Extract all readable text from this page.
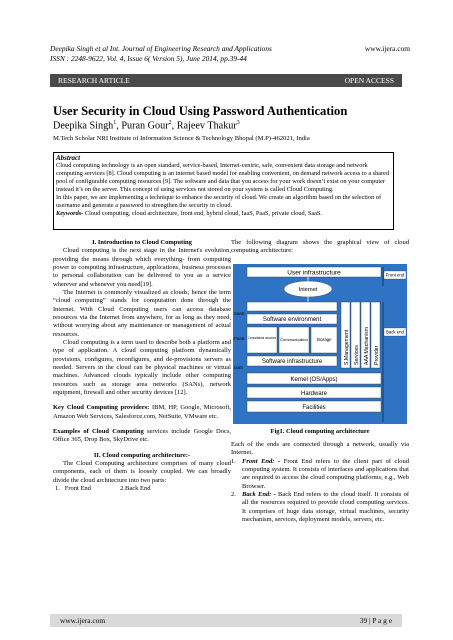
Deepika Singh et al Int. Journal of Engineering Research and Applications
ISSN : 2248-9622, Vol. 4, Issue 6( Version 5), June 2014, pp.39-44
www.ijera.com
RESEARCH ARTICLE	OPEN ACCESS
User Security in Cloud Using Password Authentication
Deepika Singh$^1$, Puran Gour$^2$, Rajeev Thakur$^3$
M.Tech Scholar NRI Institute of Information Science & Technology Bhopal (M.P)-462021, India
Abstract

Cloud computing technology is an open standard, service-based, Internet-centric, safe, convenient data storage and network computing services [8]. Cloud computing is an internet based model for enabling convenient, on demand network access to a shared pool of configurable computing resources [9]. The software and data that you access for your work doesn’t exist on your computer instead it’s on the server. This concept of using services not stored on your system is called Cloud Computing.

In this paper, we are implementing a technique to enhance the security of cloud. We create an algorithm based on the selection of username and generate a password to strengthen the security in cloud.

Keywords- Cloud computing, cloud architecture, front end, hybrid cloud, IaaS, PaaS, private cloud, SaaS.

I. Introduction to Cloud Computing

Cloud computing is the next stage in the Internet's evolution, providing the means through which everything- from computing power to computing infrastructure, applications, business processes to personal collaboration can be delivered to you as a service wherever and whenever you need[19].

The Internet is commonly visualized as clouds; hence the term “cloud computing” stands for computation done through the Internet. With Cloud Computing users can access database resources via the Internet from anywhere, for as long as they need, without worrying about any maintenance or management of actual resources.

Cloud computing is a term used to describe both a platform and type of application. A cloud computing platform dynamically provisions, configures, reconfigures, and de-provisions servers as needed. Servers in the cloud can be physical machines or virtual machines. Advanced clouds typically include other computing resources such as storage area networks (SANs), network equipment, firewall and other security devices [12].

Key Cloud Computing providers: IBM, HP, Google, Microsoft, Amazon Web Services, Salesforce.com, NetSuite, VMware etc.

Examples of Cloud Computing services include Google Docs, Office 365, Drop Box, SkyDrive etc.

II. Cloud computing architecture:-

The Cloud Computing architecture comprises of many cloud components, each of them is loosely coupled. We can broadly divide the cloud architecture into two parts:

1.   Front End                  2.Back End

The following diagram shows the graphical view of cloud computing architecture:

User infrastructure
Internet
Front end
Back end
SaaS
PaaS
IaaS
Software environment
Computational resources Communication Storage
Software infrastructure
Kernel (OS/Apps)
Hardware
Facilities
S.Management Services AAA Mechanism Provider
Fig1. Cloud computing architecture

Each of the ends are connected through a network, usually via Internet.

1. Front End: - Front End refers to the client part of cloud computing system. It consists of interfaces and applications that are required to access the cloud computing platforms, e.g., Web Browser.
2. Back End: - Back End refers to the cloud itself. It consists of all the resources required to provide cloud computing services. It comprises of huge data storage, virtual machines, security mechanism, services, deployment models, servers, etc.
www.ijera.com	39 | P a g e
